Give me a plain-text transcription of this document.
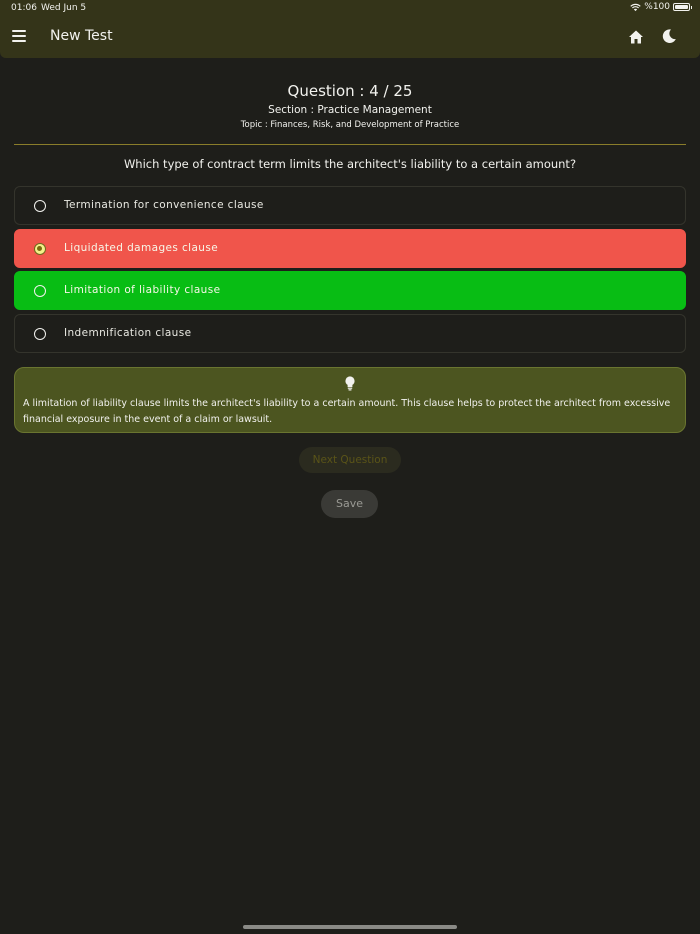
01:06 Wed Jun 5	%100
New Test
Question : 4 / 25
Section : Practice Management
Topic : Finances, Risk, and Development of Practice
Which type of contract term limits the architect's liability to a certain amount?
Termination for convenience clause
Liquidated damages clause
Limitation of liability clause
Indemnification clause

A limitation of liability clause limits the architect's liability to a certain amount. This clause helps to protect the architect from excessive financial exposure in the event of a claim or lawsuit.

Next Question
Save
